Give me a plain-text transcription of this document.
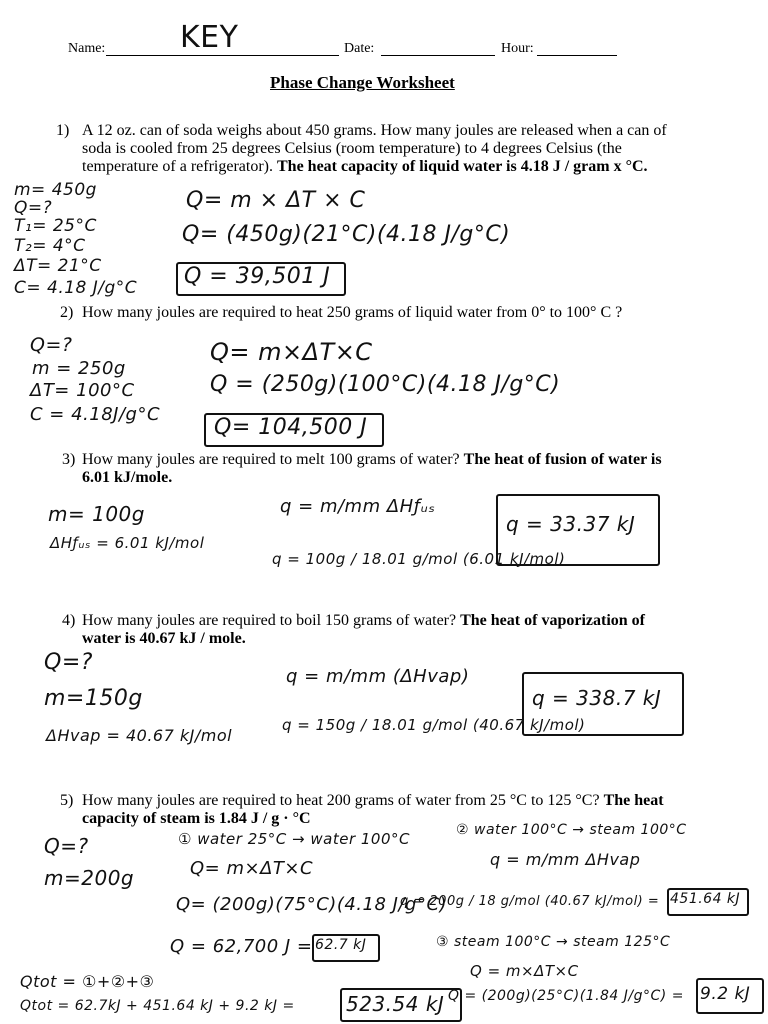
Name: KEY	Date:	Hour:
Phase Change Worksheet
1) A 12 oz. can of soda weighs about 450 grams. How many joules are released when a can of soda is cooled from 25 degrees Celsius (room temperature) to 4 degrees Celsius (the temperature of a refrigerator). The heat capacity of liquid water is 4.18 J / gram x °C.
m= 450g
Q=?
T₁= 25°C
T₂= 4°C
ΔT= 21°C
C= 4.18 J/g°C
Q= m × ΔT × C
Q= (450g)(21°C)(4.18 J/g°C)
Q = 39,501 J
2) How many joules are required to heat 250 grams of liquid water from 0° to 100° C ?
Q=?
m = 250g
ΔT= 100°C
C = 4.18J/g°C
Q= m×ΔT×C
Q = (250g)(100°C)(4.18 J/g°C)
Q= 104,500 J
3) How many joules are required to melt 100 grams of water? The heat of fusion of water is 6.01 kJ/mole.
m= 100g
ΔHƒᵤₛ = 6.01 kJ/mol
q = m/mm ΔHƒᵤₛ
q = 100g / 18.01 g/mol (6.01 kJ/mol)
q = 33.37 kJ
4) How many joules are required to boil 150 grams of water? The heat of vaporization of water is 40.67 kJ / mole.
Q=?
m=150g
ΔHvap = 40.67 kJ/mol
q = m/mm (ΔHvap)
q = 150g / 18.01 g/mol (40.67 kJ/mol)
q = 338.7 kJ
5) How many joules are required to heat 200 grams of water from 25 °C to 125 °C? The heat capacity of steam is 1.84 J / g · °C
Q=?
m=200g
① water 25°C → water 100°C
Q= m×ΔT×C
Q= (200g)(75°C)(4.18 J/g°C)
Q = 62,700 J = 62.7 kJ
② water 100°C → steam 100°C
q = m/mm ΔHvap
q = 200g / 18 g/mol (40.67 kJ/mol) = 451.64 kJ
③ steam 100°C → steam 125°C
Q = m×ΔT×C
Q = (200g)(25°C)(1.84 J/g°C) = 9.2 kJ
Qtot = ①+②+③
Qtot = 62.7kJ + 451.64 kJ + 9.2 kJ =	523.54 kJ
